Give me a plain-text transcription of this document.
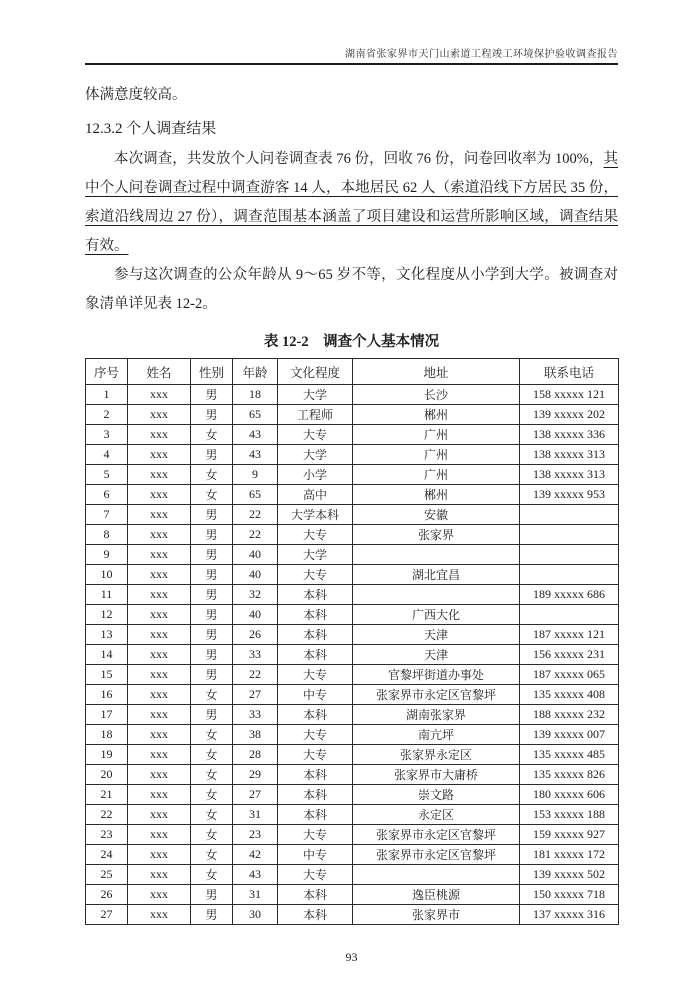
湖南省张家界市天门山索道工程竣工环境保护验收调查报告
体满意度较高。
12.3.2 个人调查结果
本次调查，共发放个人问卷调查表 76 份，回收 76 份，问卷回收率为 100%，其中个人问卷调查过程中调查游客 14 人，本地居民 62 人（索道沿线下方居民 35 份，索道沿线周边 27 份），调查范围基本涵盖了项目建设和运营所影响区域，调查结果有效。
参与这次调查的公众年龄从 9～65 岁不等，文化程度从小学到大学。被调查对象清单详见表 12-2。
表 12-2　调查个人基本情况
序号	姓名	性别	年龄	文化程度	地址	联系电话
1	xxx	男	18	大学	长沙	158 xxxxx 121
2	xxx	男	65	工程师	郴州	139 xxxxx 202
3	xxx	女	43	大专	广州	138 xxxxx 336
4	xxx	男	43	大学	广州	138 xxxxx 313
5	xxx	女	9	小学	广州	138 xxxxx 313
6	xxx	女	65	高中	郴州	139 xxxxx 953
7	xxx	男	22	大学本科	安徽	
8	xxx	男	22	大专	张家界	
9	xxx	男	40	大学		
10	xxx	男	40	大专	湖北宜昌	
11	xxx	男	32	本科		189 xxxxx 686
12	xxx	男	40	本科	广西大化	
13	xxx	男	26	本科	天津	187 xxxxx 121
14	xxx	男	33	本科	天津	156 xxxxx 231
15	xxx	男	22	大专	官黎坪街道办事处	187 xxxxx 065
16	xxx	女	27	中专	张家界市永定区官黎坪	135 xxxxx 408
17	xxx	男	33	本科	湖南张家界	188 xxxxx 232
18	xxx	女	38	大专	南亢坪	139 xxxxx 007
19	xxx	女	28	大专	张家界永定区	135 xxxxx 485
20	xxx	女	29	本科	张家界市大庸桥	135 xxxxx 826
21	xxx	女	27	本科	崇文路	180 xxxxx 606
22	xxx	女	31	本科	永定区	153 xxxxx 188
23	xxx	女	23	大专	张家界市永定区官黎坪	159 xxxxx 927
24	xxx	女	42	中专	张家界市永定区官黎坪	181 xxxxx 172
25	xxx	女	43	大专		139 xxxxx 502
26	xxx	男	31	本科	逸臣桃源	150 xxxxx 718
27	xxx	男	30	本科	张家界市	137 xxxxx 316
93
